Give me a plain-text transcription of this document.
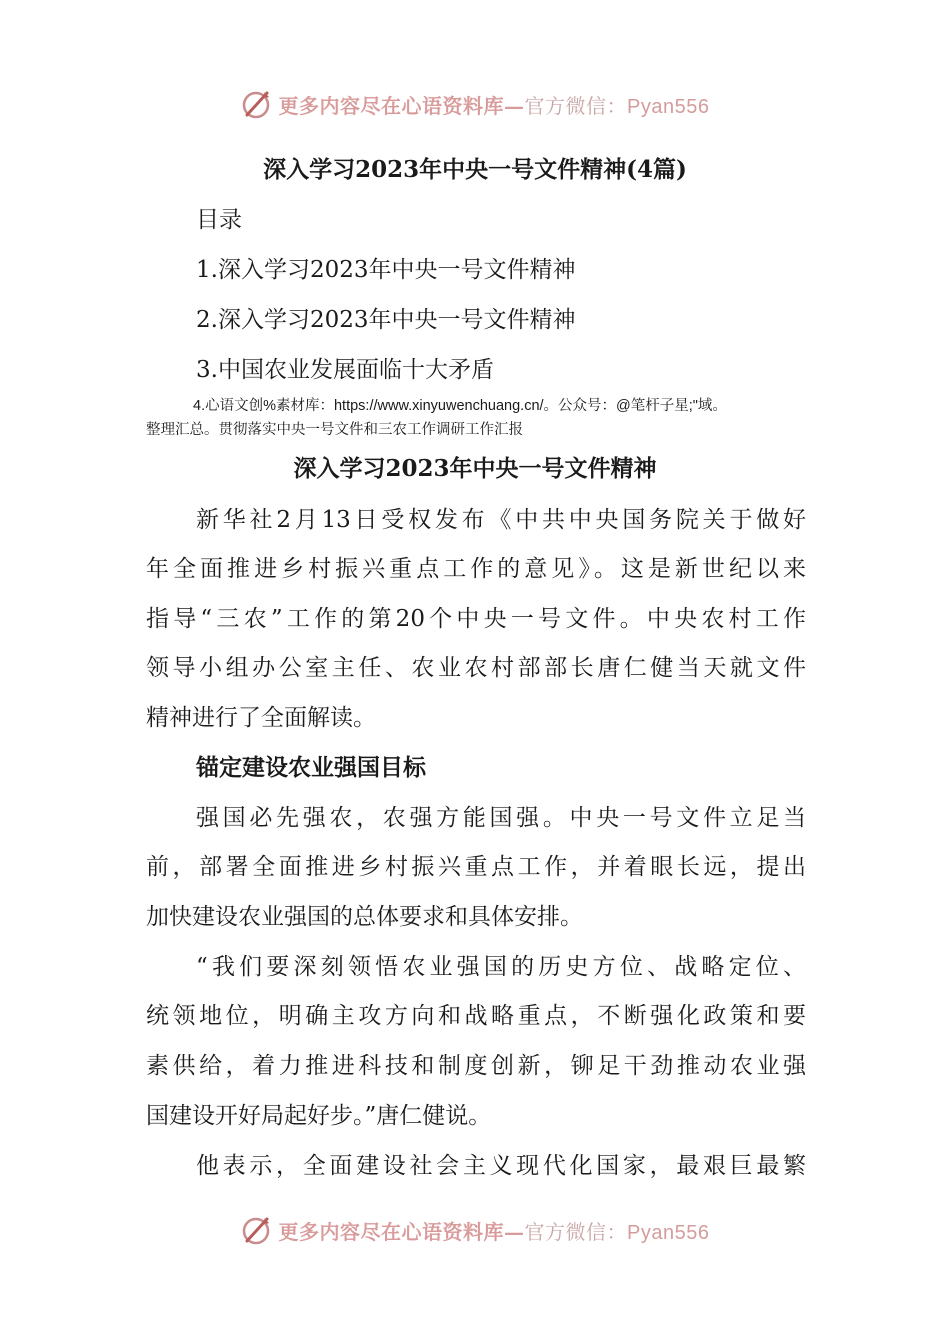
更多内容尽在心语资料库—官方微信：Pyan556
深入学习2023年中央一号文件精神(4篇)
目录
1.深入学习2023年中央一号文件精神
2.深入学习2023年中央一号文件精神
3.中国农业发展面临十大矛盾
4.心语文创%素材库：https://www.xinyuwenchuang.cn/。公众号：@笔杆子星;"域。
整理汇总。贯彻落实中央一号文件和三农工作调研工作汇报
深入学习2023年中央一号文件精神
新华社2月13日受权发布《中共中央国务院关于做好
年全面推进乡村振兴重点工作的意见》。这是新世纪以来
指导“三农”工作的第20个中央一号文件。中央农村工作
领导小组办公室主任、农业农村部部长唐仁健当天就文件
精神进行了全面解读。
锚定建设农业强国目标
强国必先强农，农强方能国强。中央一号文件立足当
前，部署全面推进乡村振兴重点工作，并着眼长远，提出
加快建设农业强国的总体要求和具体安排。
“我们要深刻领悟农业强国的历史方位、战略定位、
统领地位，明确主攻方向和战略重点，不断强化政策和要
素供给，着力推进科技和制度创新，铆足干劲推动农业强
国建设开好局起好步。”唐仁健说。
他表示，全面建设社会主义现代化国家，最艰巨最繁
更多内容尽在心语资料库—官方微信：Pyan556
